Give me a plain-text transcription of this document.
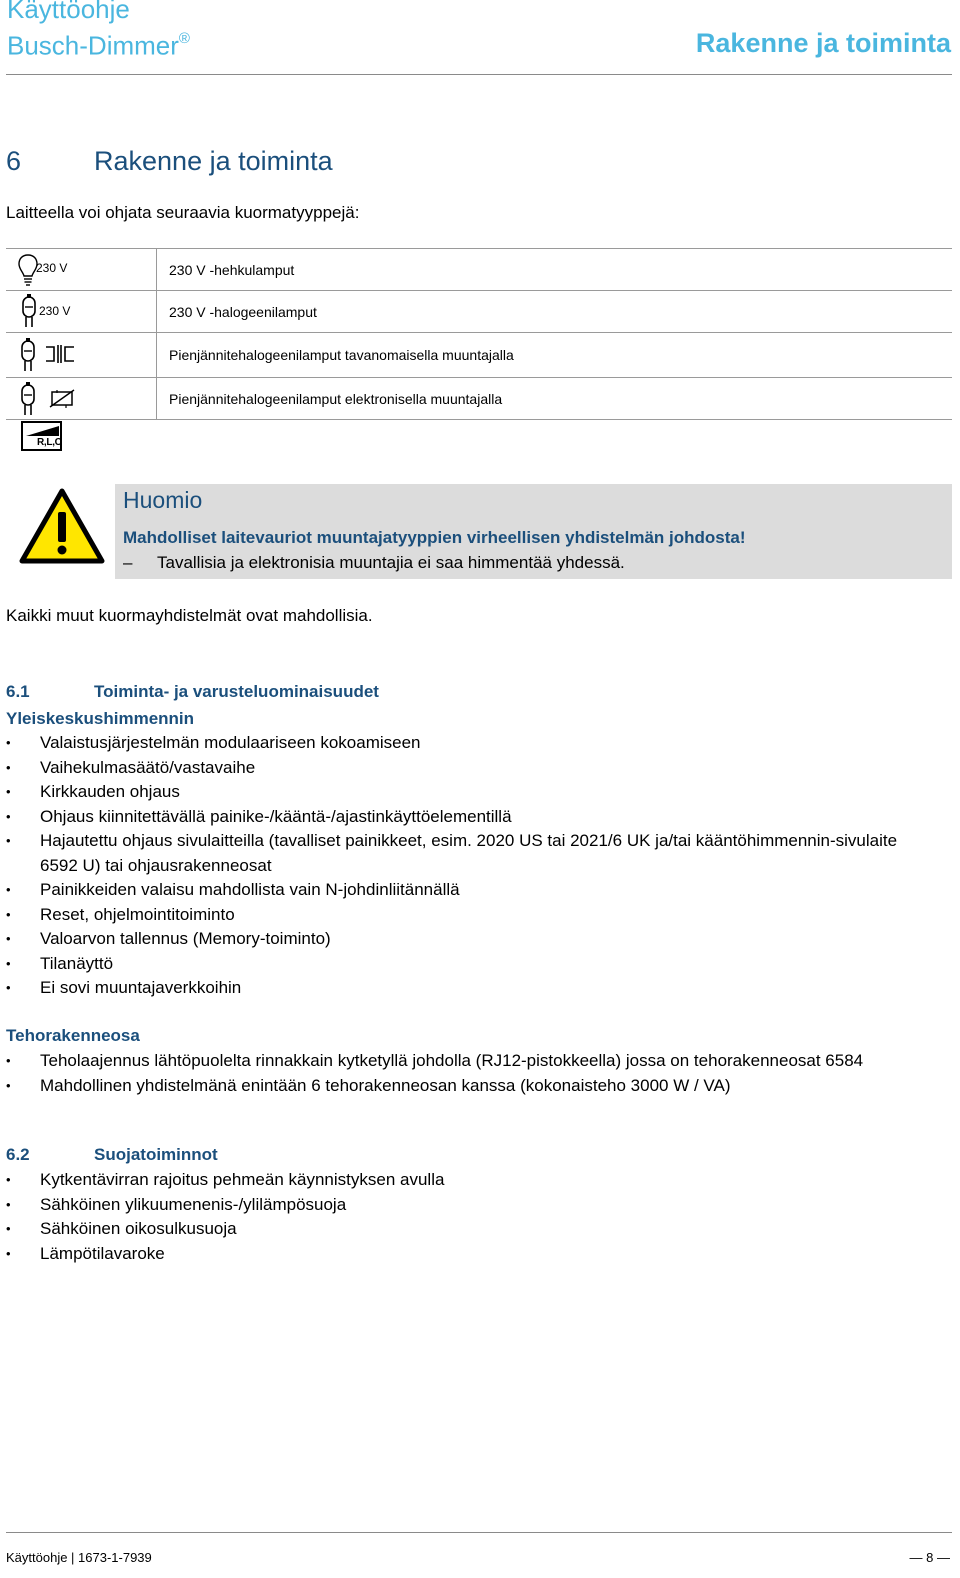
Käyttöohje
Busch-Dimmer®	Rakenne ja toiminta
6	Rakenne ja toiminta
Laitteella voi ohjata seuraavia kuormatyyppejä:
230 V	230 V -hehkulamput
230 V	230 V -halogeenilamput
Pienjännitehalogeenilamput tavanomaisella muuntajalla
Pienjännitehalogeenilamput elektronisella muuntajalla
R,L,C
Huomio
Mahdolliset laitevauriot muuntajatyyppien virheellisen yhdistelmän johdosta!
– Tavallisia ja elektronisia muuntajia ei saa himmentää yhdessä.
Kaikki muut kuormayhdistelmät ovat mahdollisia.
6.1	Toiminta- ja varusteluominaisuudet
Yleiskeskushimmennin
• Valaistusjärjestelmän modulaariseen kokoamiseen
• Vaihekulmasäätö/vastavaihe
• Kirkkauden ohjaus
• Ohjaus kiinnitettävällä painike-/kääntä-/ajastinkäyttöelementillä
• Hajautettu ohjaus sivulaitteilla (tavalliset painikkeet, esim. 2020 US tai 2021/6 UK ja/tai kääntöhimmennin-sivulaite 6592 U) tai ohjausrakenneosat
• Painikkeiden valaisu mahdollista vain N-johdinliitännällä
• Reset, ohjelmointitoiminto
• Valoarvon tallennus (Memory-toiminto)
• Tilanäyttö
• Ei sovi muuntajaverkkoihin
Tehorakenneosa
• Teholaajennus lähtöpuolelta rinnakkain kytketyllä johdolla (RJ12-pistokkeella) jossa on tehorakenneosat 6584
• Mahdollinen yhdistelmänä enintään 6 tehorakenneosan kanssa (kokonaisteho 3000 W / VA)
6.2	Suojatoiminnot
• Kytkentävirran rajoitus pehmeän käynnistyksen avulla
• Sähköinen ylikuumenenis-/ylilämpösuoja
• Sähköinen oikosulkusuoja
• Lämpötilavaroke
Käyttöohje | 1673-1-7939	— 8 —
